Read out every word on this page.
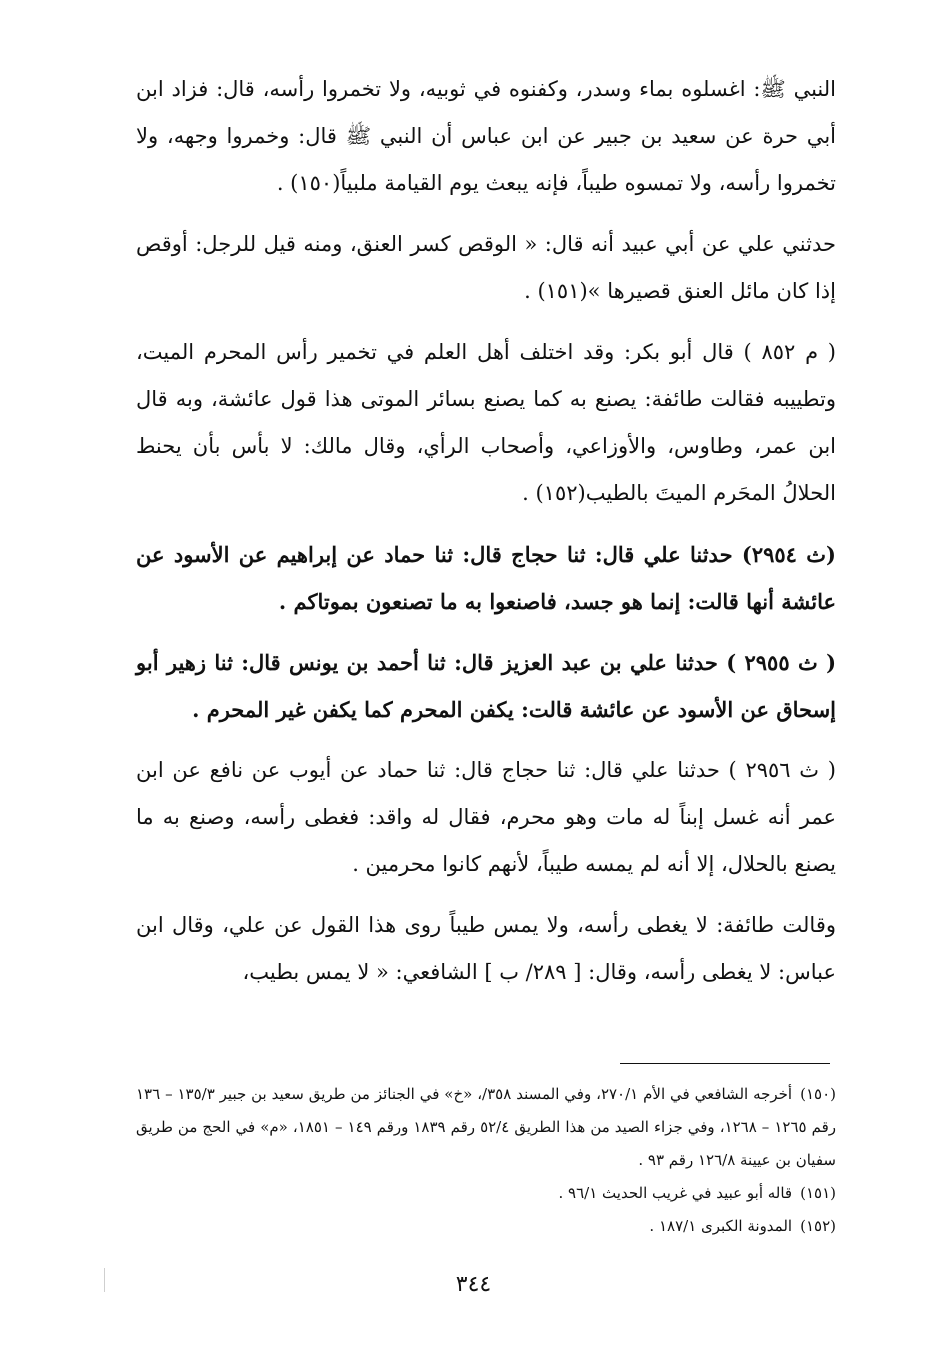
النبي ﷺ: اغسلوه بماء وسدر، وكفنوه في ثوبيه، ولا تخمروا رأسه، قال: فزاد ابن أبي حرة عن سعيد بن جبير عن ابن عباس أن النبي ﷺ قال: وخمروا وجهه، ولا تخمروا رأسه، ولا تمسوه طيباً، فإنه يبعث يوم القيامة ملبياً(١٥٠) .

حدثني علي عن أبي عبيد أنه قال: « الوقص كسر العنق، ومنه قيل للرجل: أوقص إذا كان مائل العنق قصيرها »(١٥١) .

( م ٨٥٢ ) قال أبو بكر: وقد اختلف أهل العلم في تخمير رأس المحرم الميت، وتطييبه فقالت طائفة: يصنع به كما يصنع بسائر الموتى هذا قول عائشة، وبه قال ابن عمر، وطاوس، والأوزاعي، وأصحاب الرأي، وقال مالك: لا بأس بأن يحنط الحلالُ المحَرم الميتَ بالطيب(١٥٢) .

(ث ٢٩٥٤) حدثنا علي قال: ثنا حجاج قال: ثنا حماد عن إبراهيم عن الأسود عن عائشة أنها قالت: إنما هو جسد، فاصنعوا به ما تصنعون بموتاكم .

( ث ٢٩٥٥ ) حدثنا علي بن عبد العزيز قال: ثنا أحمد بن يونس قال: ثنا زهير أبو إسحاق عن الأسود عن عائشة قالت: يكفن المحرم كما يكفن غير المحرم .

( ث ٢٩٥٦ ) حدثنا علي قال: ثنا حجاج قال: ثنا حماد عن أيوب عن نافع عن ابن عمر أنه غسل إبناً له مات وهو محرم، فقال له واقد: فغطى رأسه، وصنع به ما يصنع بالحلال، إلا أنه لم يمسه طيباً، لأنهم كانوا محرمين .

وقالت طائفة: لا يغطى رأسه، ولا يمس طيباً روى هذا القول عن علي، وقال ابن عباس: لا يغطى رأسه، وقال: [ ٢٨٩/ ب ] الشافعي: « لا يمس بطيب،

(١٥٠)أخرجه الشافعي في الأم ٢٧٠/١، وفي المسند ٣٥٨/، «خ» في الجنائز من طريق سعيد بن جبير ١٣٥/٣ – ١٣٦ رقم ١٢٦٥ – ١٢٦٨، وفي جزاء الصيد من هذا الطريق ٥٢/٤ رقم ١٨٣٩ ورقم ١٤٩ – ١٨٥١، «م» في الحج من طريق سفيان بن عيينة ١٢٦/٨ رقم ٩٣ .

(١٥١)قاله أبو عبيد في غريب الحديث ٩٦/١ .

(١٥٢)المدونة الكبرى ١٨٧/١ .

٣٤٤
